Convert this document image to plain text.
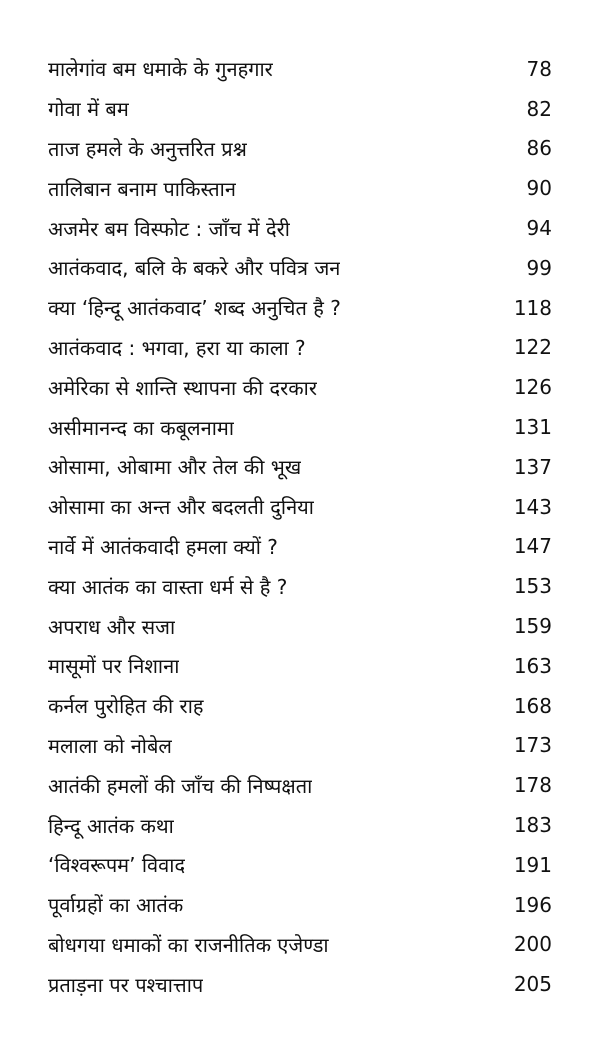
मालेगांव बम धमाके के गुनहगार	78
गोवा में बम	82
ताज हमले के अनुत्तरित प्रश्न	86
तालिबान बनाम पाकिस्तान	90
अजमेर बम विस्फोट : जाँच में देरी	94
आतंकवाद, बलि के बकरे और पवित्र जन	99
क्या ‘हिन्दू आतंकवाद’ शब्द अनुचित है ?	118
आतंकवाद : भगवा, हरा या काला ?	122
अमेरिका से शान्ति स्थापना की दरकार	126
असीमानन्द का कबूलनामा	131
ओसामा, ओबामा और तेल की भूख	137
ओसामा का अन्त और बदलती दुनिया	143
नार्वे में आतंकवादी हमला क्यों ?	147
क्या आतंक का वास्ता धर्म से है ?	153
अपराध और सजा	159
मासूमों पर निशाना	163
कर्नल पुरोहित की राह	168
मलाला को नोबेल	173
आतंकी हमलों की जाँच की निष्पक्षता	178
हिन्दू आतंक कथा	183
‘विश्वरूपम’ विवाद	191
पूर्वाग्रहों का आतंक	196
बोधगया धमाकों का राजनीतिक एजेण्डा	200
प्रताड़ना पर पश्चात्ताप	205
